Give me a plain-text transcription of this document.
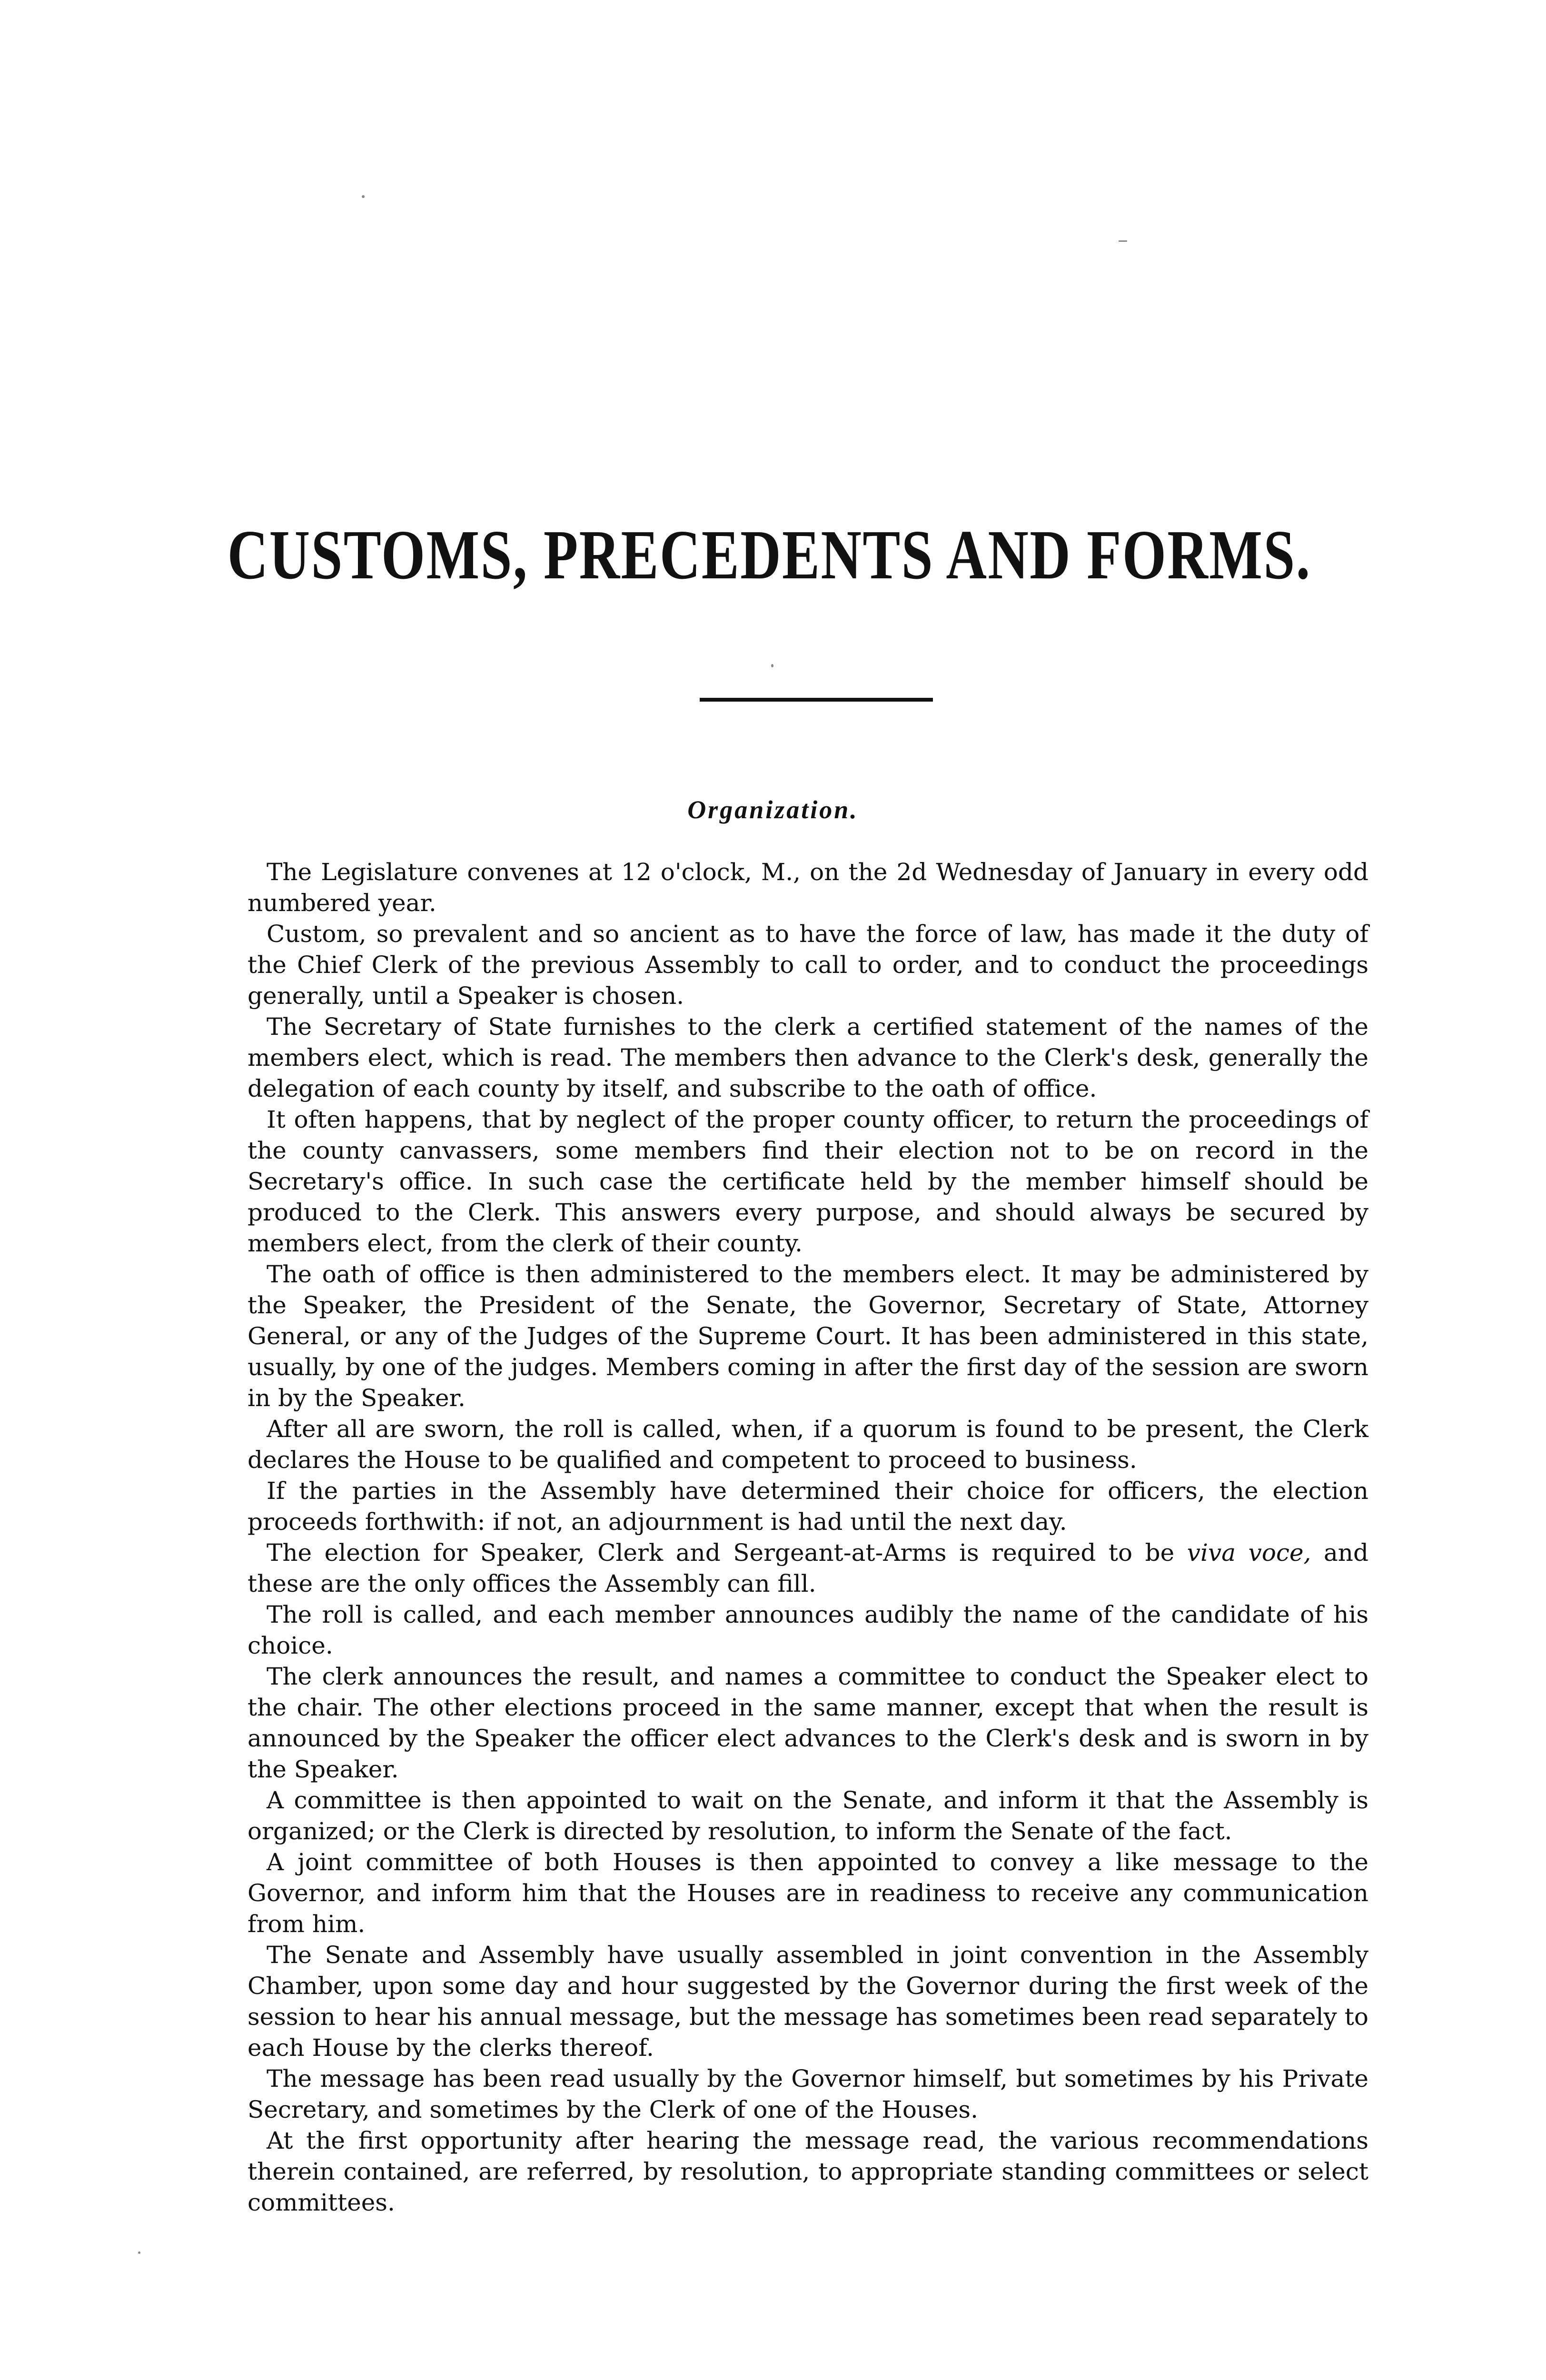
CUSTOMS, PRECEDENTS AND FORMS.
Organization.

The Legislature convenes at 12 o'clock, M., on the 2d Wednesday of January in every odd numbered year.

Custom, so prevalent and so ancient as to have the force of law, has made it the duty of the Chief Clerk of the previous Assembly to call to order, and to conduct the proceedings generally, until a Speaker is chosen.

The Secretary of State furnishes to the clerk a certified statement of the names of the members elect, which is read. The members then advance to the Clerk's desk, generally the delegation of each county by itself, and subscribe to the oath of office.

It often happens, that by neglect of the proper county officer, to return the proceedings of the county canvassers, some members find their election not to be on record in the Secretary's office. In such case the certificate held by the member himself should be produced to the Clerk. This answers every purpose, and should always be secured by members elect, from the clerk of their county.

The oath of office is then administered to the members elect. It may be administered by the Speaker, the President of the Senate, the Governor, Secretary of State, Attorney General, or any of the Judges of the Supreme Court. It has been administered in this state, usually, by one of the judges. Members coming in after the first day of the session are sworn in by the Speaker.

After all are sworn, the roll is called, when, if a quorum is found to be present, the Clerk declares the House to be qualified and competent to proceed to business.

If the parties in the Assembly have determined their choice for officers, the election proceeds forthwith: if not, an adjournment is had until the next day.

The election for Speaker, Clerk and Sergeant-at-Arms is required to be viva voce, and these are the only offices the Assembly can fill.

The roll is called, and each member announces audibly the name of the candidate of his choice.

The clerk announces the result, and names a committee to conduct the Speaker elect to the chair. The other elections proceed in the same manner, except that when the result is announced by the Speaker the officer elect advances to the Clerk's desk and is sworn in by the Speaker.

A committee is then appointed to wait on the Senate, and inform it that the Assembly is organized; or the Clerk is directed by resolution, to inform the Senate of the fact.

A joint committee of both Houses is then appointed to convey a like message to the Governor, and inform him that the Houses are in readiness to receive any communication from him.

The Senate and Assembly have usually assembled in joint convention in the Assembly Chamber, upon some day and hour suggested by the Governor during the first week of the session to hear his annual message, but the message has sometimes been read separately to each House by the clerks thereof.

The message has been read usually by the Governor himself, but sometimes by his Private Secretary, and sometimes by the Clerk of one of the Houses.

At the first opportunity after hearing the message read, the various recommendations therein contained, are referred, by resolution, to appropriate standing committees or select committees.
